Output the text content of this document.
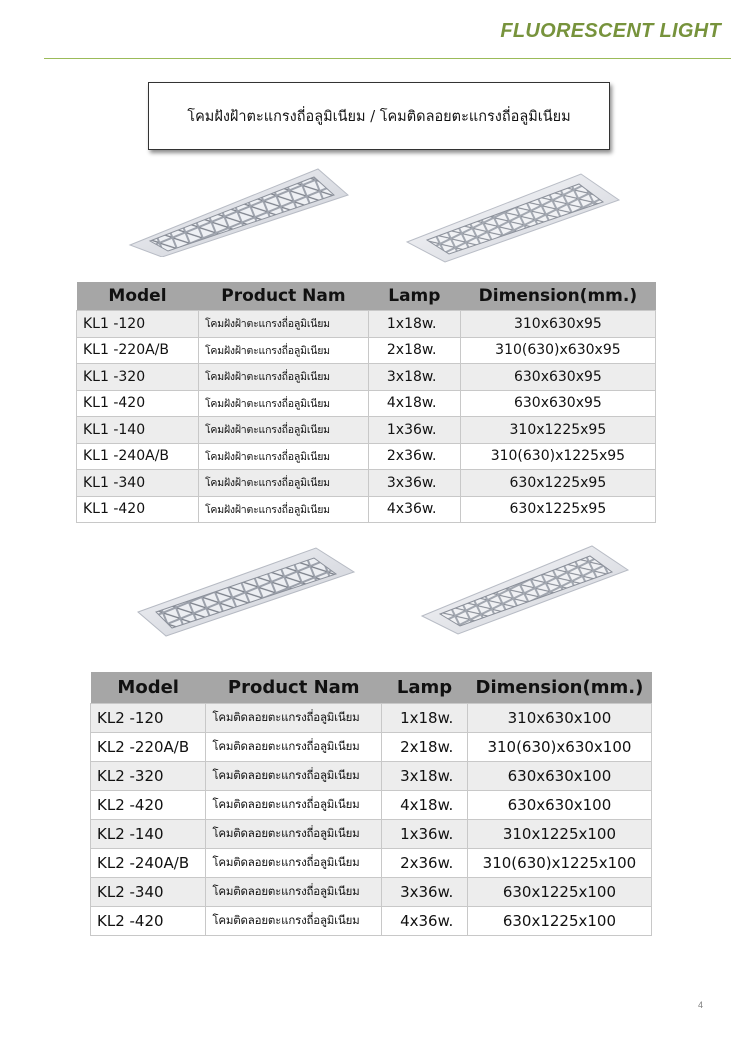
FLUORESCENT LIGHT
โคมฝังฝ้าตะแกรงถี่อลูมิเนียม / โคมติดลอยตะแกรงถี่อลูมิเนียม
Model	Product Nam	Lamp	Dimension(mm.)
KL1 -120	โคมฝังฝ้าตะแกรงถี่อลูมิเนียม	1x18w.	310x630x95
KL1 -220A/B	โคมฝังฝ้าตะแกรงถี่อลูมิเนียม	2x18w.	310(630)x630x95
KL1 -320	โคมฝังฝ้าตะแกรงถี่อลูมิเนียม	3x18w.	630x630x95
KL1 -420	โคมฝังฝ้าตะแกรงถี่อลูมิเนียม	4x18w.	630x630x95
KL1 -140	โคมฝังฝ้าตะแกรงถี่อลูมิเนียม	1x36w.	310x1225x95
KL1 -240A/B	โคมฝังฝ้าตะแกรงถี่อลูมิเนียม	2x36w.	310(630)x1225x95
KL1 -340	โคมฝังฝ้าตะแกรงถี่อลูมิเนียม	3x36w.	630x1225x95
KL1 -420	โคมฝังฝ้าตะแกรงถี่อลูมิเนียม	4x36w.	630x1225x95
Model	Product Nam	Lamp	Dimension(mm.)
KL2 -120	โคมติดลอยตะแกรงถี่อลูมิเนียม	1x18w.	310x630x100
KL2 -220A/B	โคมติดลอยตะแกรงถี่อลูมิเนียม	2x18w.	310(630)x630x100
KL2 -320	โคมติดลอยตะแกรงถี่อลูมิเนียม	3x18w.	630x630x100
KL2 -420	โคมติดลอยตะแกรงถี่อลูมิเนียม	4x18w.	630x630x100
KL2 -140	โคมติดลอยตะแกรงถี่อลูมิเนียม	1x36w.	310x1225x100
KL2 -240A/B	โคมติดลอยตะแกรงถี่อลูมิเนียม	2x36w.	310(630)x1225x100
KL2 -340	โคมติดลอยตะแกรงถี่อลูมิเนียม	3x36w.	630x1225x100
KL2 -420	โคมติดลอยตะแกรงถี่อลูมิเนียม	4x36w.	630x1225x100
4
